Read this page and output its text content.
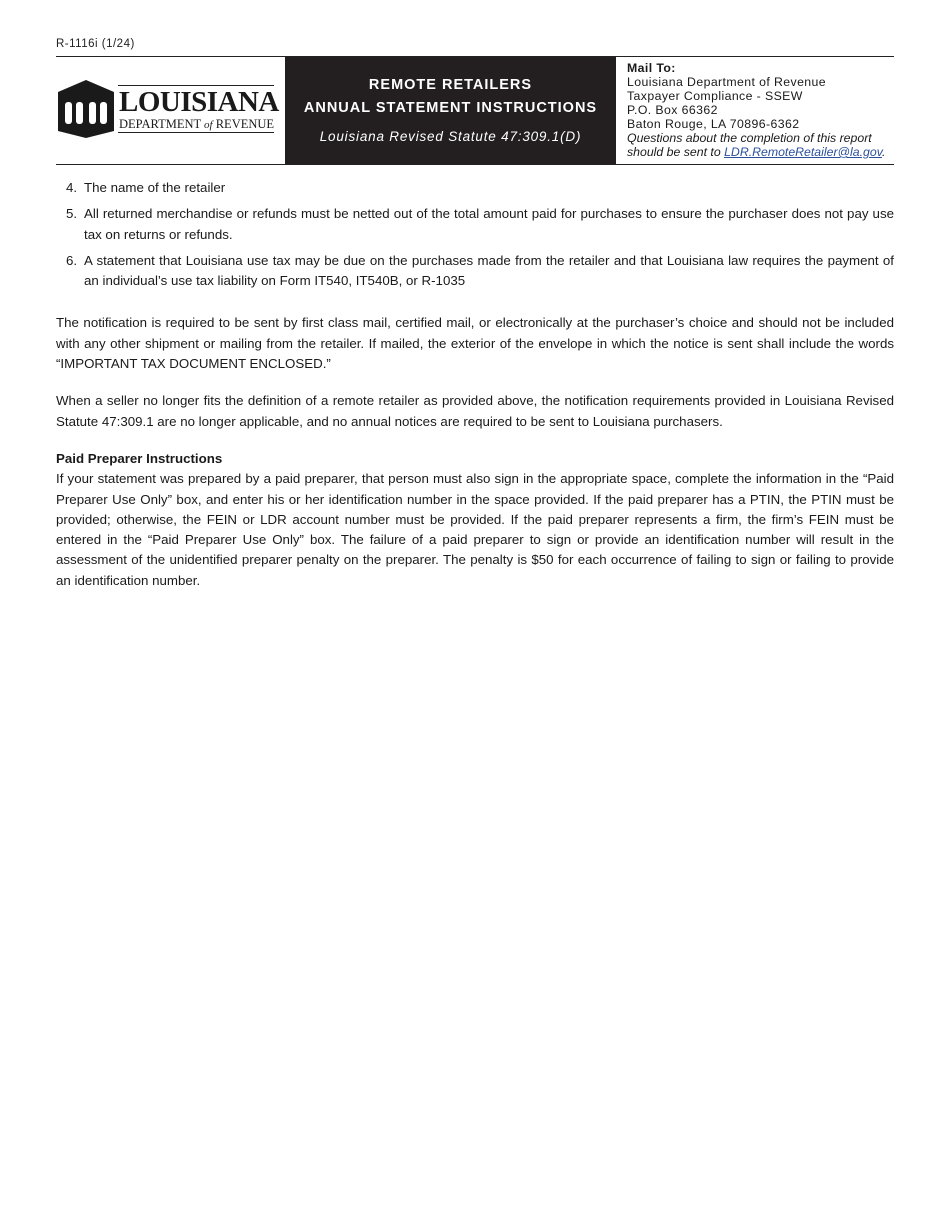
R-1116i (1/24)
LOUISIANA
DEPARTMENT of REVENUE
REMOTE RETAILERS
ANNUAL STATEMENT INSTRUCTIONS
Louisiana Revised Statute 47:309.1(D)
Mail To:
Louisiana Department of Revenue
Taxpayer Compliance - SSEW
P.O. Box 66362
Baton Rouge, LA 70896-6362
Questions about the completion of this report
should be sent to LDR.RemoteRetailer@la.gov.
4. The name of the retailer
5. All returned merchandise or refunds must be netted out of the total amount paid for purchases to ensure the purchaser does not pay use tax on returns or refunds.
6. A statement that Louisiana use tax may be due on the purchases made from the retailer and that Louisiana law requires the payment of an individual’s use tax liability on Form IT540, IT540B, or R-1035
The notification is required to be sent by first class mail, certified mail, or electronically at the purchaser’s choice and should not be included with any other shipment or mailing from the retailer. If mailed, the exterior of the envelope in which the notice is sent shall include the words “IMPORTANT TAX DOCUMENT ENCLOSED.”
When a seller no longer fits the definition of a remote retailer as provided above, the notification requirements provided in Louisiana Revised Statute 47:309.1 are no longer applicable, and no annual notices are required to be sent to Louisiana purchasers.
Paid Preparer Instructions
If your statement was prepared by a paid preparer, that person must also sign in the appropriate space, complete the information in the “Paid Preparer Use Only” box, and enter his or her identification number in the space provided. If the paid preparer has a PTIN, the PTIN must be provided; otherwise, the FEIN or LDR account number must be provided. If the paid preparer represents a firm, the firm’s FEIN must be entered in the “Paid Preparer Use Only” box. The failure of a paid preparer to sign or provide an identification number will result in the assessment of the unidentified preparer penalty on the preparer. The penalty is $50 for each occurrence of failing to sign or failing to provide an identification number.
